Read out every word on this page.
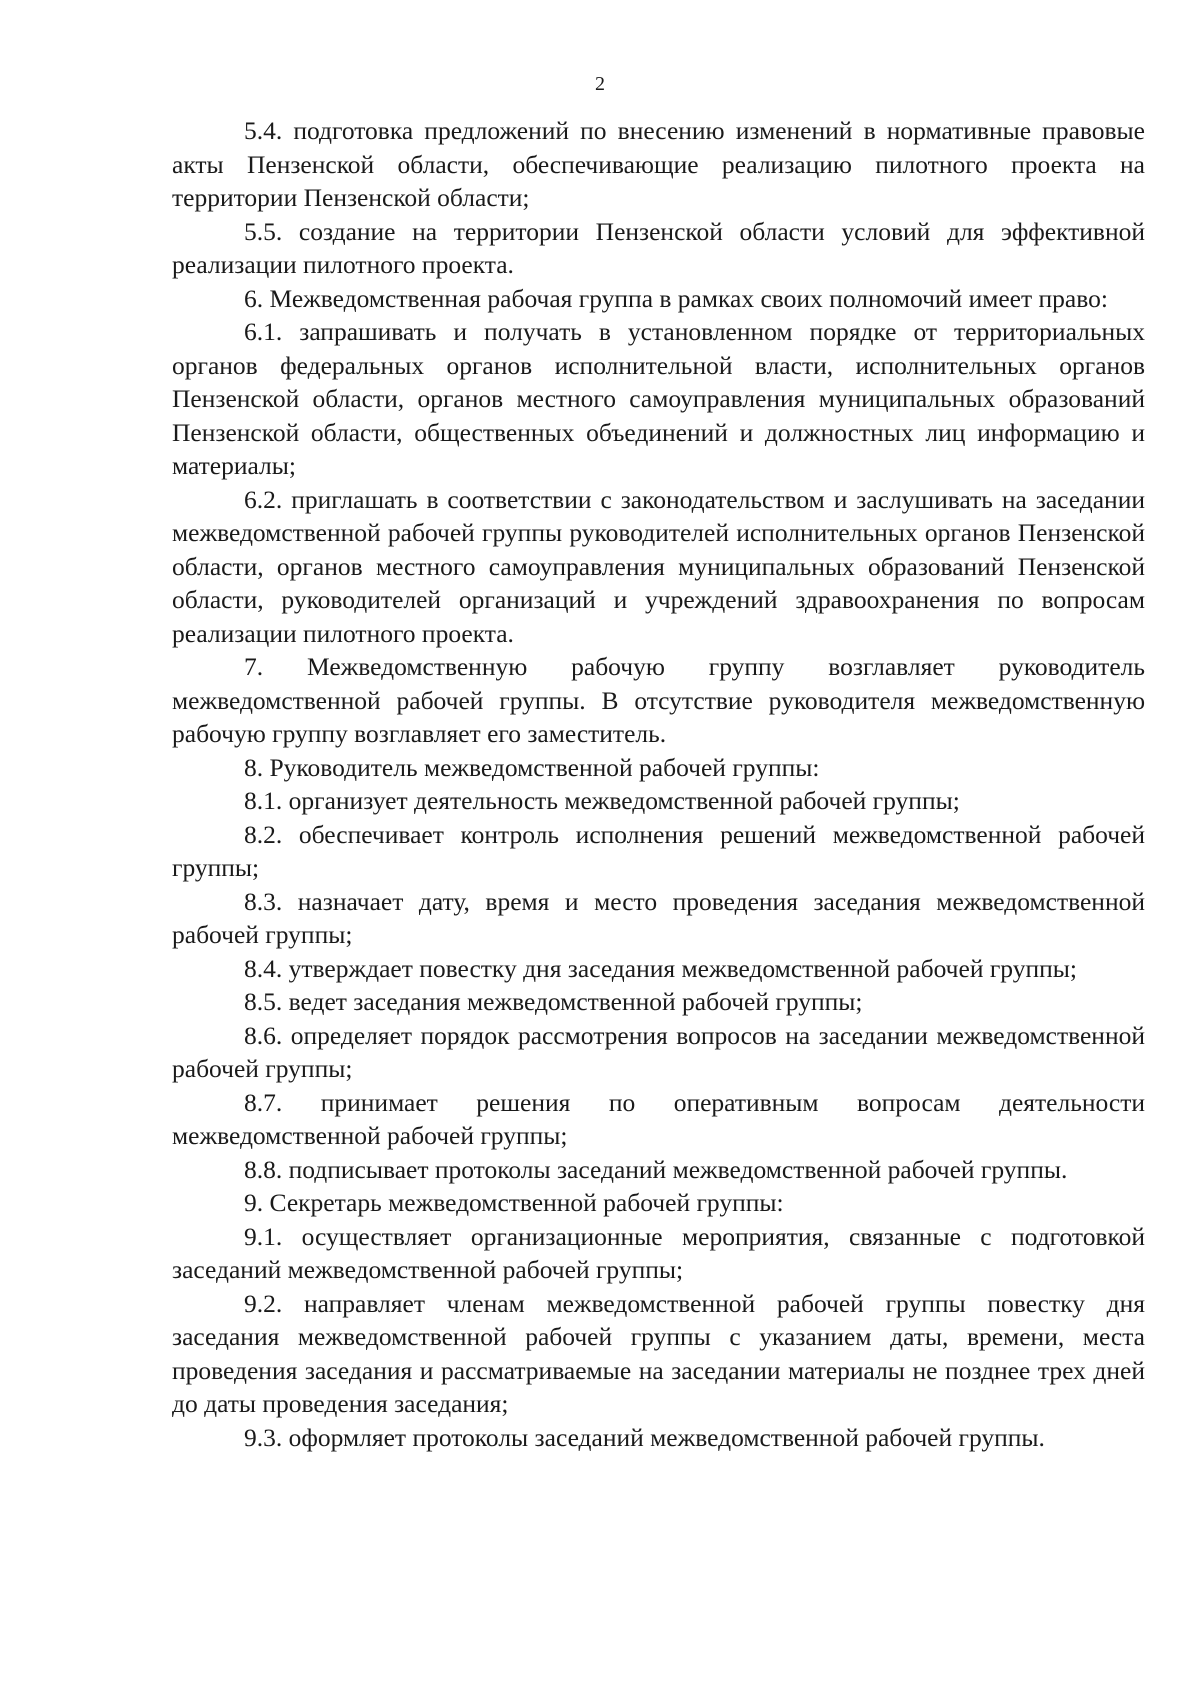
2

5.4. подготовка предложений по внесению изменений в нормативные правовые акты Пензенской области, обеспечивающие реализацию пилотного проекта на территории Пензенской области;

5.5. создание на территории Пензенской области условий для эффективной реализации пилотного проекта.

6. Межведомственная рабочая группа в рамках своих полномочий имеет право:

6.1. запрашивать и получать в установленном порядке от территориальных органов федеральных органов исполнительной власти, исполнительных органов Пензенской области, органов местного самоуправления муниципальных образований Пензенской области, общественных объединений и должностных лиц информацию и материалы;

6.2. приглашать в соответствии с законодательством и заслушивать на заседании межведомственной рабочей группы руководителей исполнительных органов Пензенской области, органов местного самоуправления муниципальных образований Пензенской области, руководителей организаций и учреждений здравоохранения по вопросам реализации пилотного проекта.

7. Межведомственную рабочую группу возглавляет руководитель межведомственной рабочей группы. В отсутствие руководителя межведомственную рабочую группу возглавляет его заместитель.

8. Руководитель межведомственной рабочей группы:

8.1. организует деятельность межведомственной рабочей группы;

8.2. обеспечивает контроль исполнения решений межведомственной рабочей группы;

8.3. назначает дату, время и место проведения заседания межведомственной рабочей группы;

8.4. утверждает повестку дня заседания межведомственной рабочей группы;

8.5. ведет заседания межведомственной рабочей группы;

8.6. определяет порядок рассмотрения вопросов на заседании межведомственной рабочей группы;

8.7. принимает решения по оперативным вопросам деятельности межведомственной рабочей группы;

8.8. подписывает протоколы заседаний межведомственной рабочей группы.

9. Секретарь межведомственной рабочей группы:

9.1. осуществляет организационные мероприятия, связанные с подготовкой заседаний межведомственной рабочей группы;

9.2. направляет членам межведомственной рабочей группы повестку дня заседания межведомственной рабочей группы с указанием даты, времени, места проведения заседания и рассматриваемые на заседании материалы не позднее трех дней до даты проведения заседания;

9.3. оформляет протоколы заседаний межведомственной рабочей группы.
